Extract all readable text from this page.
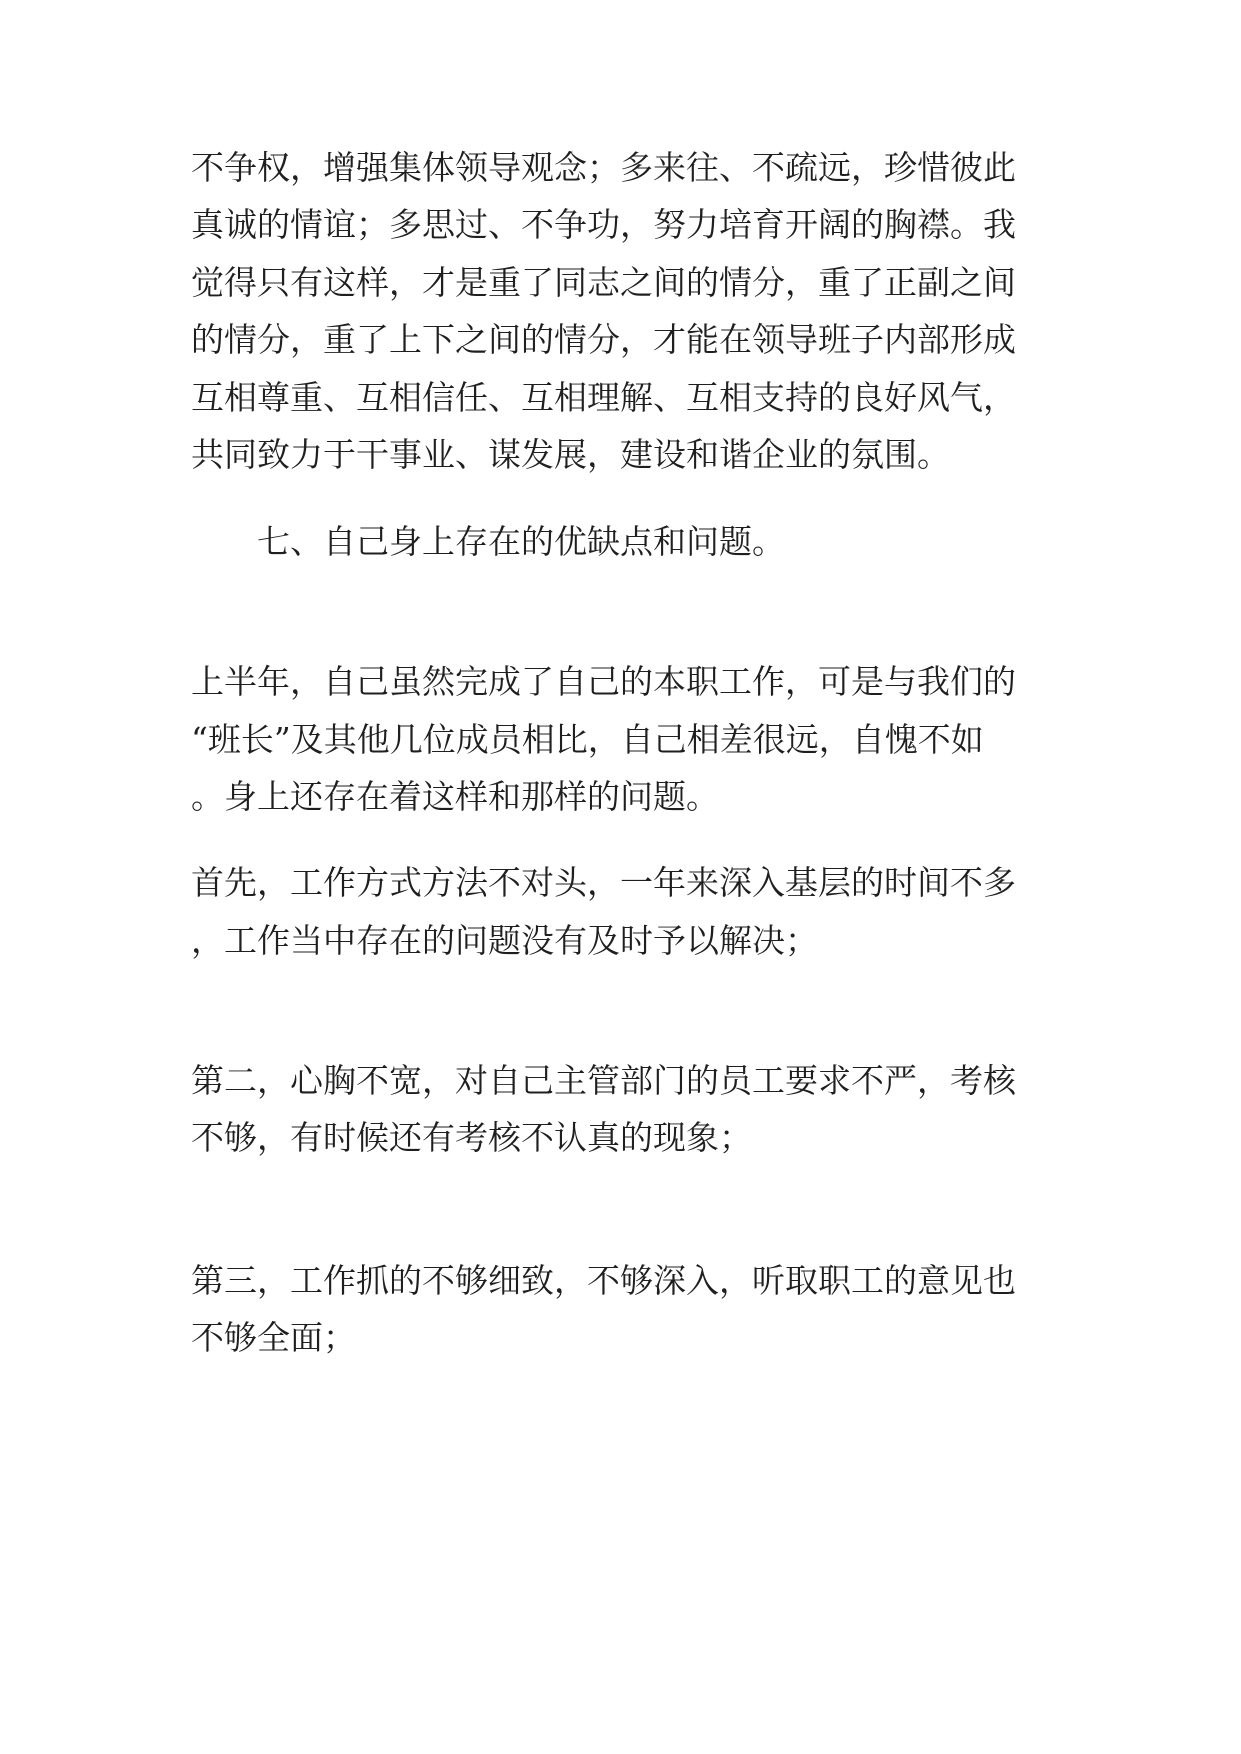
不争权，增强集体领导观念；多来往、不疏远，珍惜彼此
真诚的情谊；多思过、不争功，努力培育开阔的胸襟。我
觉得只有这样，才是重了同志之间的情分，重了正副之间
的情分，重了上下之间的情分，才能在领导班子内部形成
互相尊重、互相信任、互相理解、互相支持的良好风气，
共同致力于干事业、谋发展，建设和谐企业的氛围。
七、自己身上存在的优缺点和问题。
上半年，自己虽然完成了自己的本职工作，可是与我们的
“班长”及其他几位成员相比，自己相差很远，自愧不如
。身上还存在着这样和那样的问题。
首先，工作方式方法不对头，一年来深入基层的时间不多
，工作当中存在的问题没有及时予以解决；
第二，心胸不宽，对自己主管部门的员工要求不严，考核
不够，有时候还有考核不认真的现象；
第三，工作抓的不够细致，不够深入，听取职工的意见也
不够全面；
